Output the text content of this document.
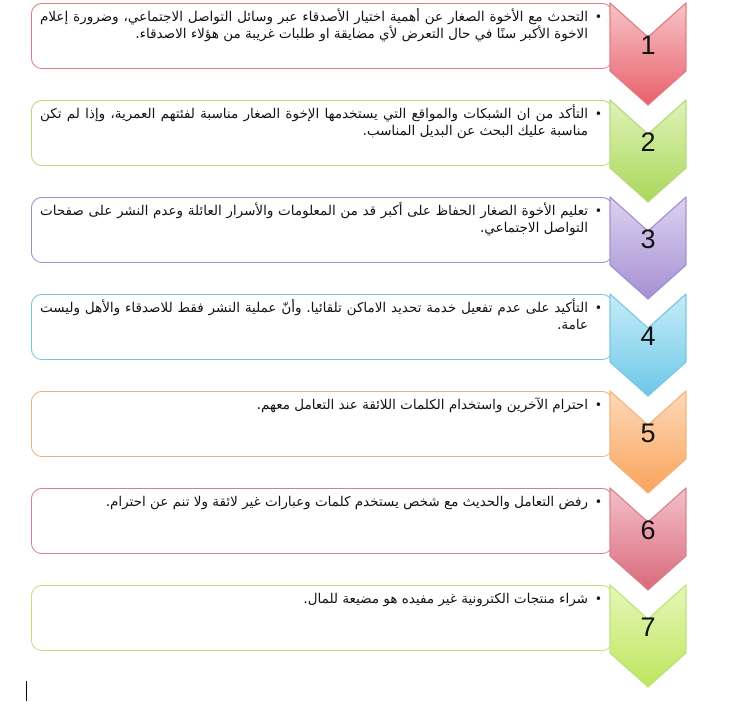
•
التحدث مع الأخوة الصغار عن أهمية اختيار الأصدقاء عبر وسائل التواصل الاجتماعي، وضرورة إعلام الاخوة الأكبر سنًا في حال التعرض لأي مضايقة او طلبات غريبة من هؤلاء الاصدقاء.	1
•
التأكد من ان الشبكات والمواقع التي يستخدمها الإخوة الصغار مناسبة لفئتهم العمرية، وإذا لم تكن مناسبة عليك البحث عن البديل المناسب.	2
•
تعليم الأخوة الصغار الحفاظ على أكبر قد من المعلومات والأسرار العائلة وعدم النشر على صفحات التواصل الاجتماعي.	3
•
التأكيد على عدم تفعيل خدمة تحديد الاماكن تلقائيا. وأنّ عملية النشر فقط للاصدقاء والأهل وليست عامة.	4
•
احترام الآخرين واستخدام الكلمات اللائقة عند التعامل معهم.
5
•
رفض التعامل والحديث مع شخص يستخدم كلمات وعبارات غير لائقة ولا تنم عن احترام.
6
•
شراء منتجات الكترونية غير مفيده هو مضيعة للمال.
7
